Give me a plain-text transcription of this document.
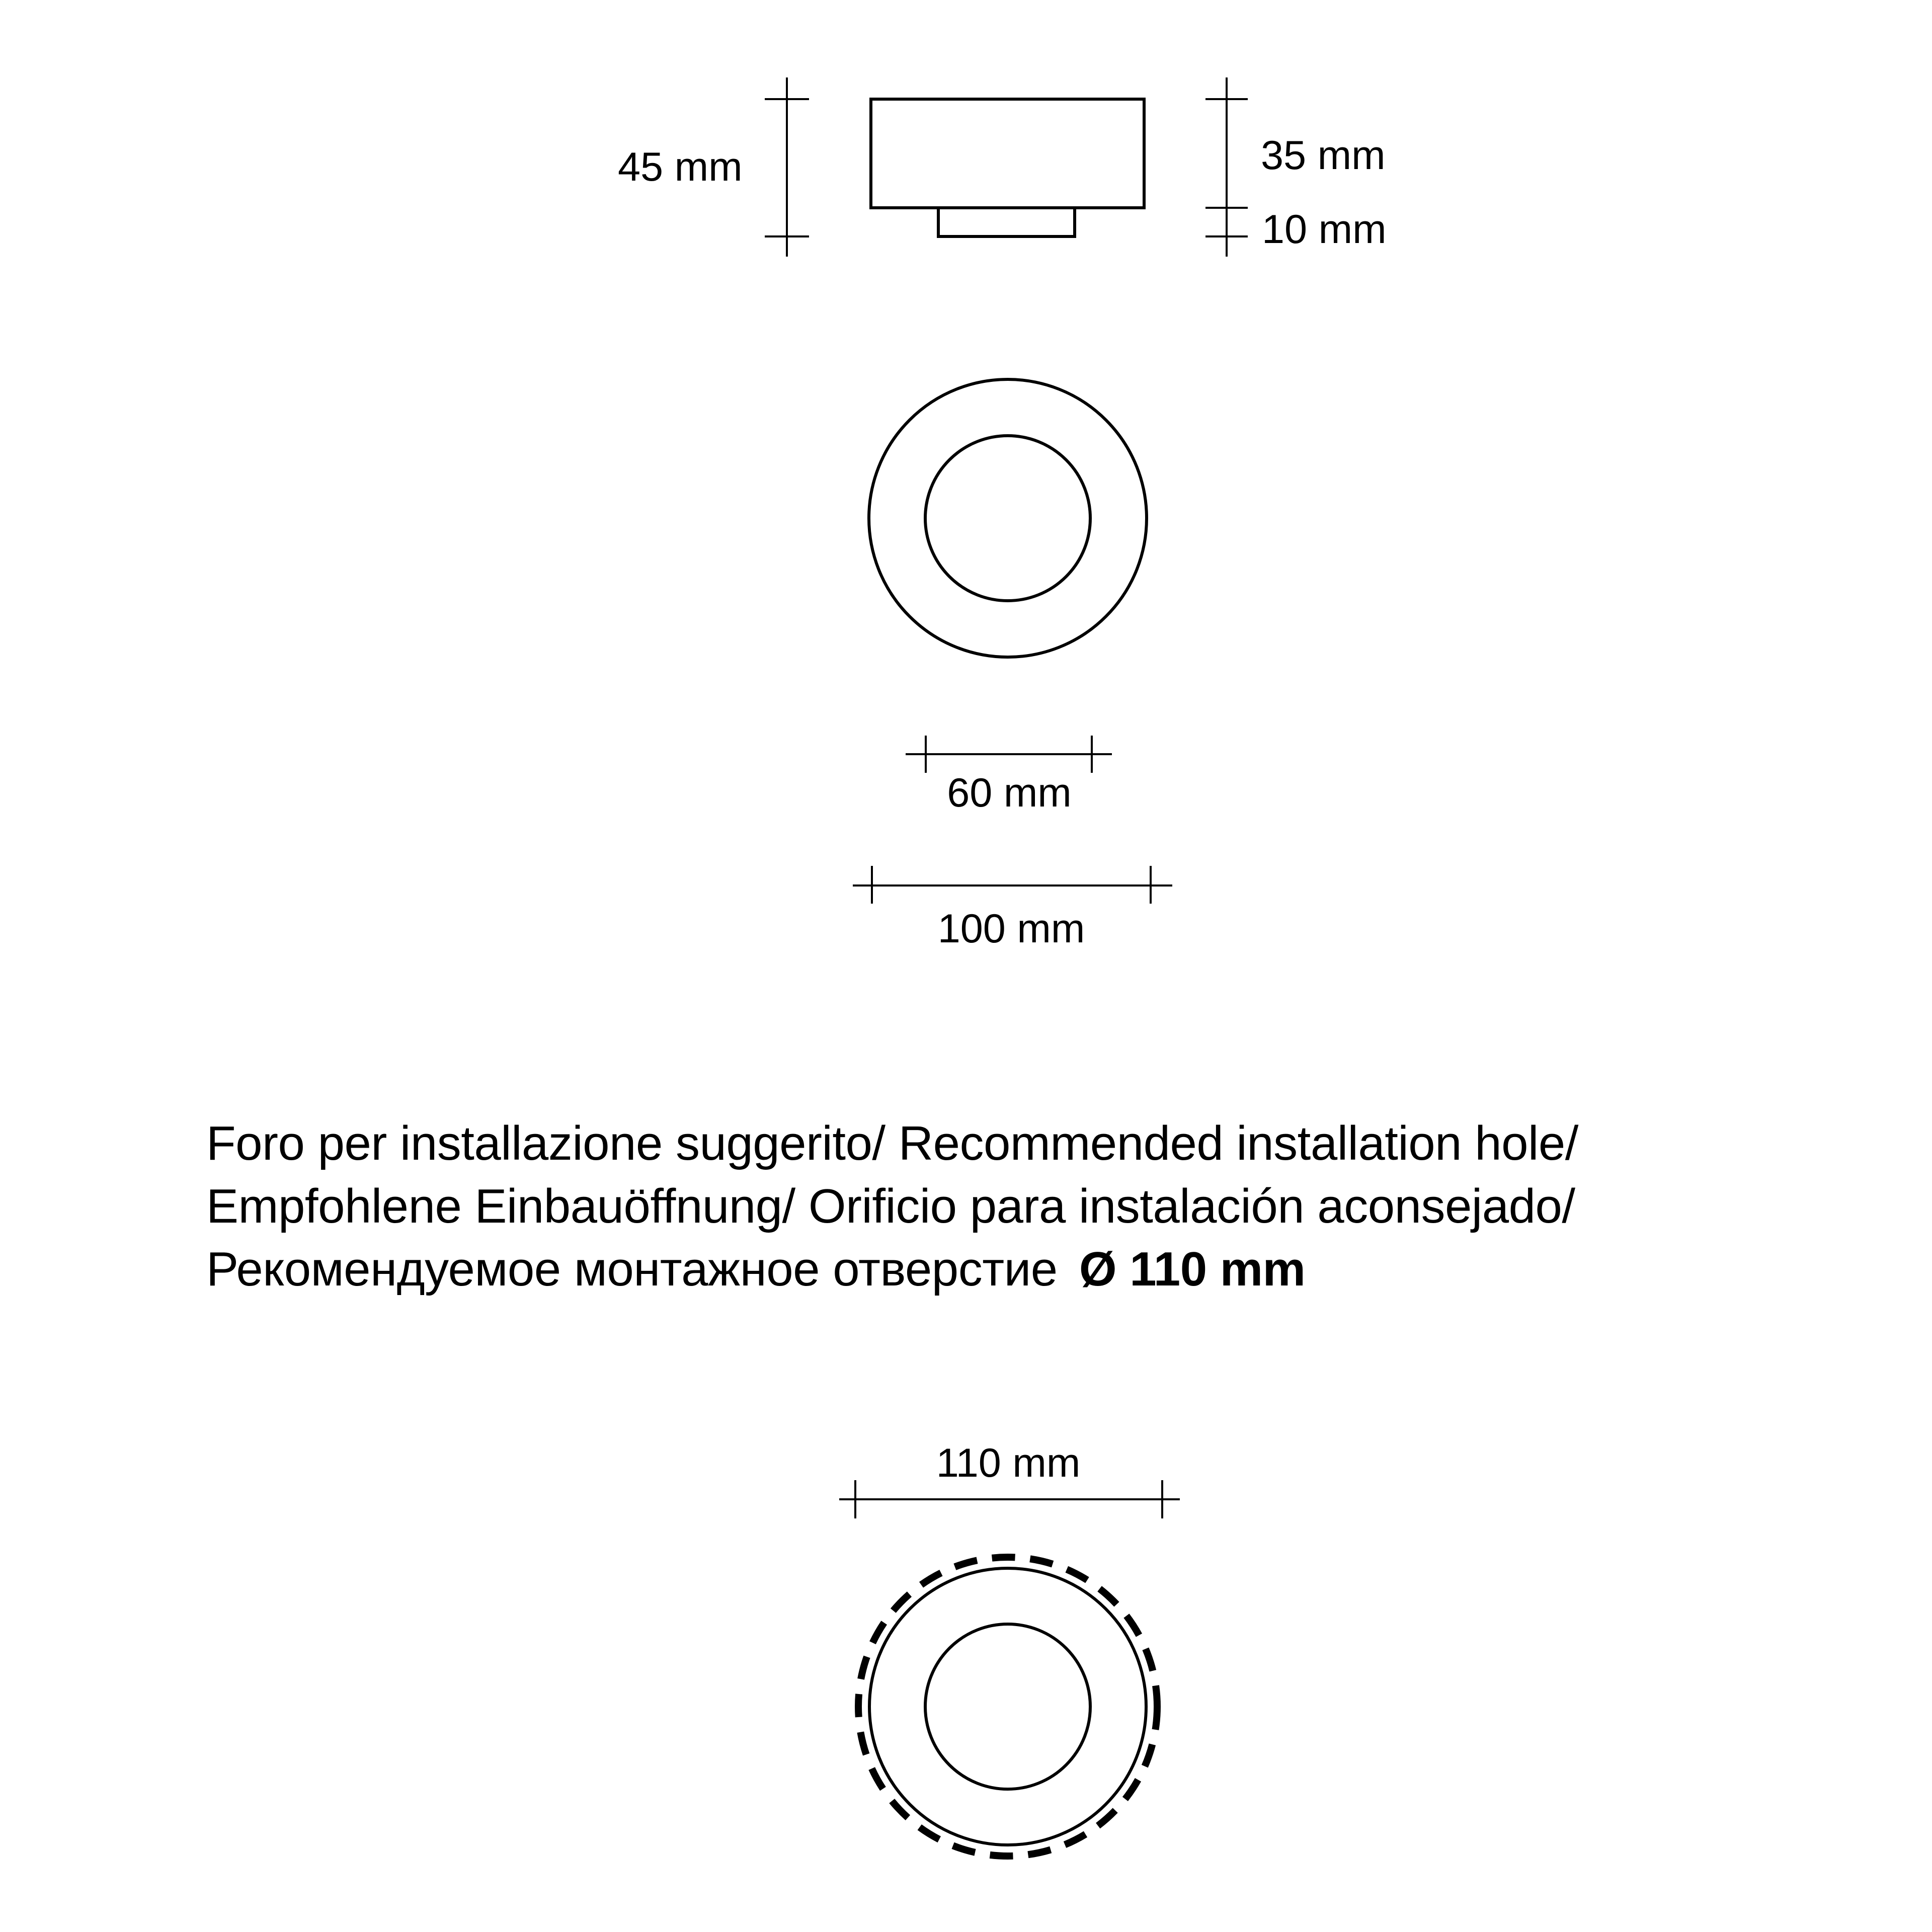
45 mm	35 mm
10 mm
60 mm
100 mm
110 mm
Foro per installazione suggerito/ Recommended installation hole/
Empfohlene Einbauöffnung/ Orificio para instalación aconsejado/
Рекомендуемое монтажное отверстие Ø 110 mm
